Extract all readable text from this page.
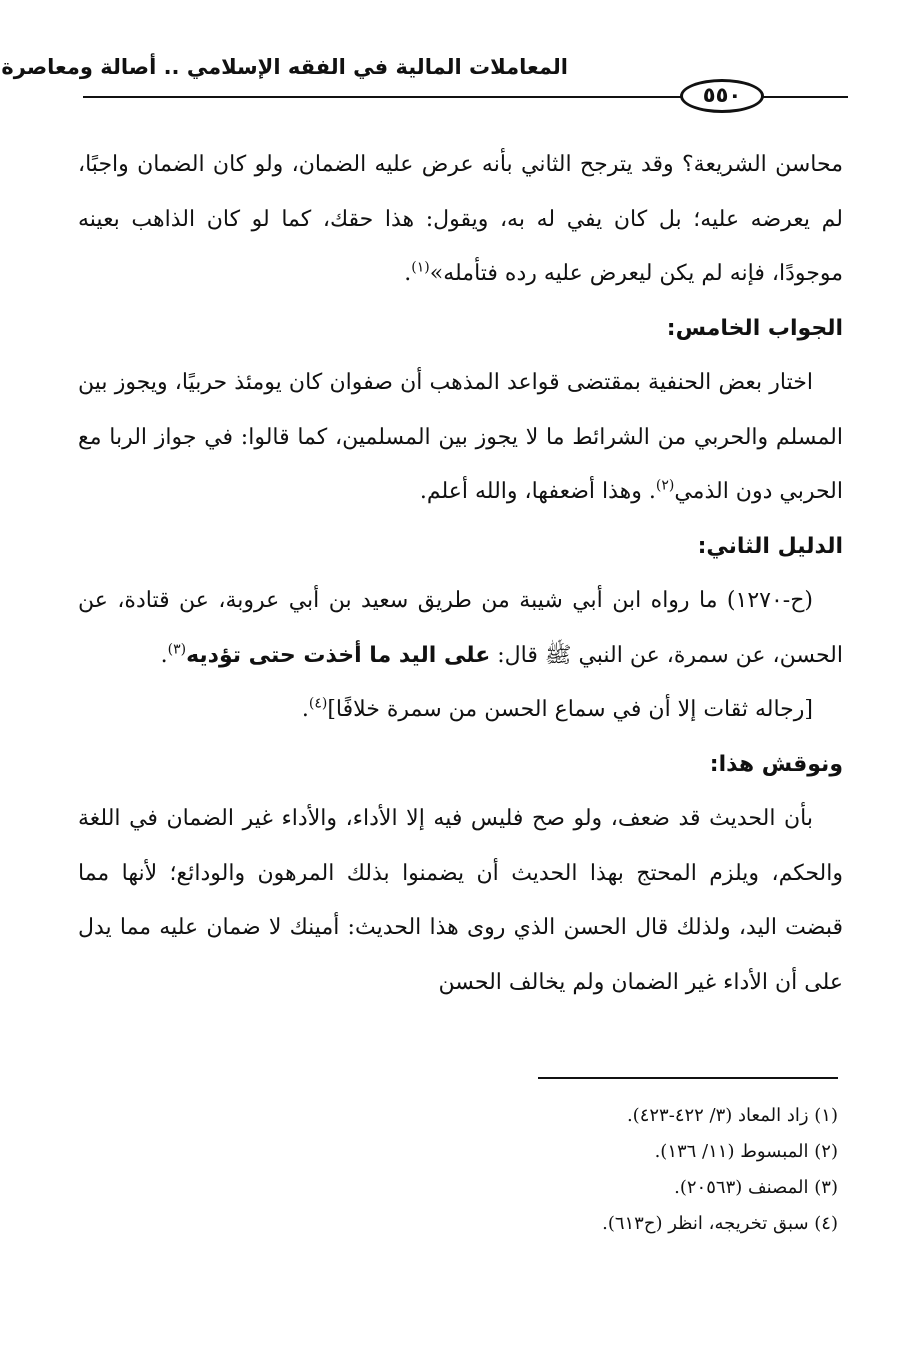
المعاملات المالية في الفقه الإسلامي .. أصالة ومعاصرة
٥٥٠

محاسن الشريعة؟ وقد يترجح الثاني بأنه عرض عليه الضمان، ولو كان الضمان واجبًا، لم يعرضه عليه؛ بل كان يفي له به، ويقول: هذا حقك، كما لو كان الذاهب بعينه موجودًا، فإنه لم يكن ليعرض عليه رده فتأمله»$^{(١)}$.

الجواب الخامس:

اختار بعض الحنفية بمقتضى قواعد المذهب أن صفوان كان يومئذ حربيًا، ويجوز بين المسلم والحربي من الشرائط ما لا يجوز بين المسلمين، كما قالوا: في جواز الربا مع الحربي دون الذمي$^{(٢)}$. وهذا أضعفها، والله أعلم.

الدليل الثاني:

(ح-١٢٧٠) ما رواه ابن أبي شيبة من طريق سعيد بن أبي عروبة، عن قتادة، عن الحسن، عن سمرة، عن النبي ﷺ قال: على اليد ما أخذت حتى تؤديه$^{(٣)}$.

[رجاله ثقات إلا أن في سماع الحسن من سمرة خلافًا]$^{(٤)}$.

ونوقش هذا:

بأن الحديث قد ضعف، ولو صح فليس فيه إلا الأداء، والأداء غير الضمان في اللغة والحكم، ويلزم المحتج بهذا الحديث أن يضمنوا بذلك المرهون والودائع؛ لأنها مما قبضت اليد، ولذلك قال الحسن الذي روى هذا الحديث: أمينك لا ضمان عليه مما يدل على أن الأداء غير الضمان ولم يخالف الحسن

(١) زاد المعاد (٣/ ٤٢٢-٤٢٣).
(٢) المبسوط (١١/ ١٣٦).
(٣) المصنف (٢٠٥٦٣).
(٤) سبق تخريجه، انظر (ح٦١٣).
